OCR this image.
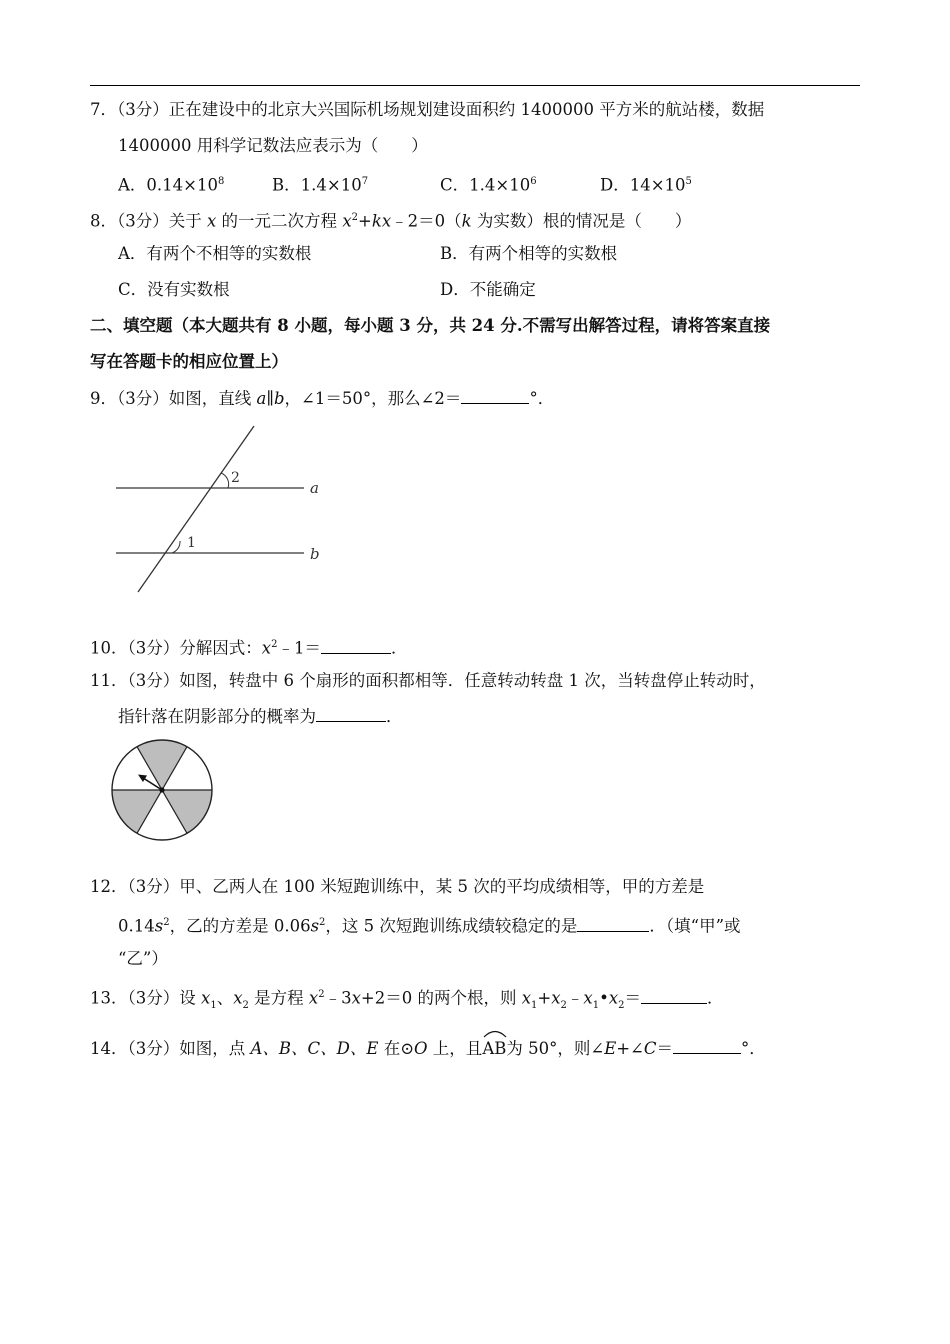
7．（3分）正在建设中的北京大兴国际机场规划建设面积约 1400000 平方米的航站楼，数据
1400000 用科学记数法应表示为（　　）
A．$0.14\times 10^8$	B．$1.4\times 10^7$	C．$1.4\times 10^6$	D．$14\times 10^5$
8．（3分）关于 x 的一元二次方程 $x^2+kx﹣2=0(k$ 为实数）根的情况是（　　）
A．有两个不相等的实数根	B．有两个相等的实数根
C．没有实数根	D．不能确定
二、填空题（本大题共有 8 小题，每小题 3 分，共 24 分.不需写出解答过程，请将答案直接
写在答题卡的相应位置上）
9．（3分）如图，直线 a∥b，∠1＝50°，那么∠2＝	°．
2
1
a
b
10．（3分）分解因式：$x^2﹣1=$	．
11．（3分）如图，转盘中 6 个扇形的面积都相等．任意转动转盘 1 次，当转盘停止转动时，
指针落在阴影部分的概率为	．
12．（3分）甲、乙两人在 100 米短跑训练中，某 5 次的平均成绩相等，甲的方差是
$0.14s^2$，乙的方差是 $0.06s^2$，这 5 次短跑训练成绩较稳定的是	．（填“甲”或
“乙”）
13．（3分）设 $x_1$、$x_2$ 是方程 $x^2﹣3x+2=0$ 的两个根，则 $x_1+x_2﹣x_1•x_2=$	．
14．（3分）如图，点 A、B、C、D、E 在⊙O 上，且
AB为 50°，则∠E+∠C＝	°．
